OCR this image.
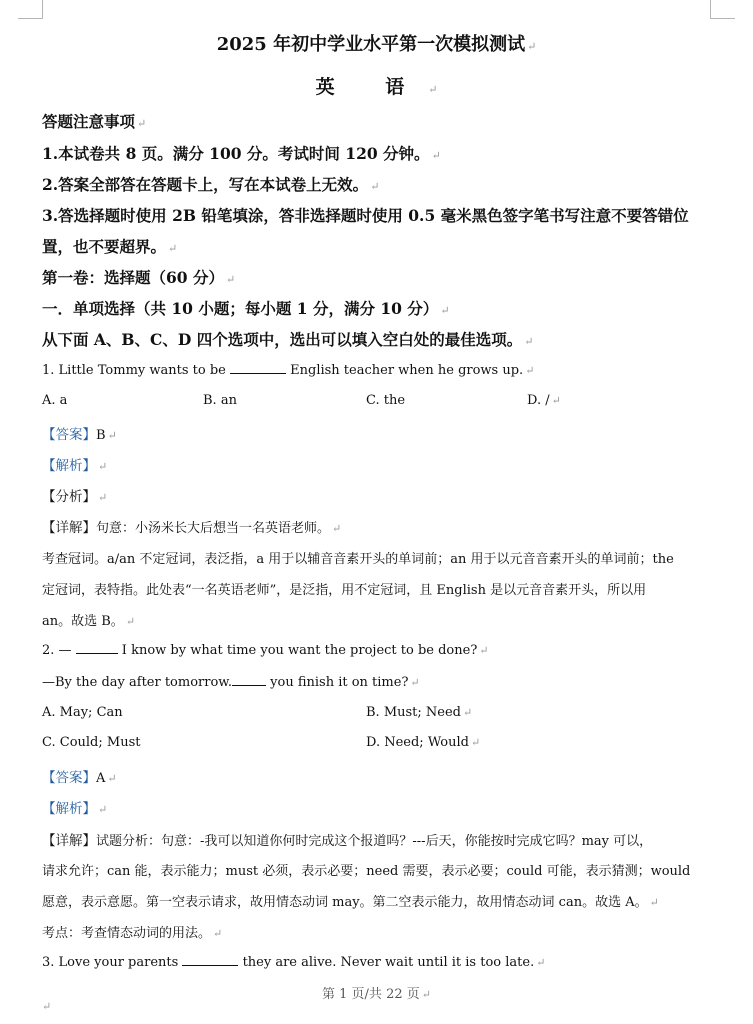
2025 年初中学业水平第一次模拟测试 ↵
英 语 ↵
答题注意事项 ↵
1.本试卷共 8 页。满分 100 分。考试时间 120 分钟。 ↵
2.答案全部答在答题卡上，写在本试卷上无效。 ↵
3.答选择题时使用 2B 铅笔填涂，答非选择题时使用 0.5 毫米黑色签字笔书写注意不要答错位
置，也不要超界。 ↵
第一卷：选择题（60 分） ↵
一．单项选择（共 10 小题；每小题 1 分，满分 10 分） ↵
从下面 A、B、C、D 四个选项中，选出可以填入空白处的最佳选项。 ↵
1. Little Tommy wants to be	English teacher when he grows up. ↵
A. a	B. an	C. the	D. / ↵
【答案】B ↵
【解析】 ↵
【分析】 ↵
【详解】句意：小汤米长大后想当一名英语老师。 ↵
考查冠词。a/an 不定冠词，表泛指，a 用于以辅音音素开头的单词前；an 用于以元音音素开头的单词前；the
定冠词，表特指。此处表“一名英语老师”，是泛指，用不定冠词，且 English 是以元音音素开头，所以用
an。故选 B。 ↵
2. —	I know by what time you want the project to be done? ↵
—By the day after tomorrow.	you finish it on time? ↵
A. May; Can	B. Must; Need ↵
C. Could; Must	D. Need; Would ↵
【答案】A ↵
【解析】 ↵
【详解】试题分析：句意：-我可以知道你何时完成这个报道吗？---后天，你能按时完成它吗？may 可以，
请求允许；can 能，表示能力；must 必须，表示必要；need 需要，表示必要；could 可能，表示猜测；would
愿意，表示意愿。第一空表示请求，故用情态动词 may。第二空表示能力，故用情态动词 can。故选 A。 ↵
考点：考查情态动词的用法。 ↵
3. Love your parents	they are alive. Never wait until it is too late. ↵
第 1 页/共 22 页 ↵
↵
